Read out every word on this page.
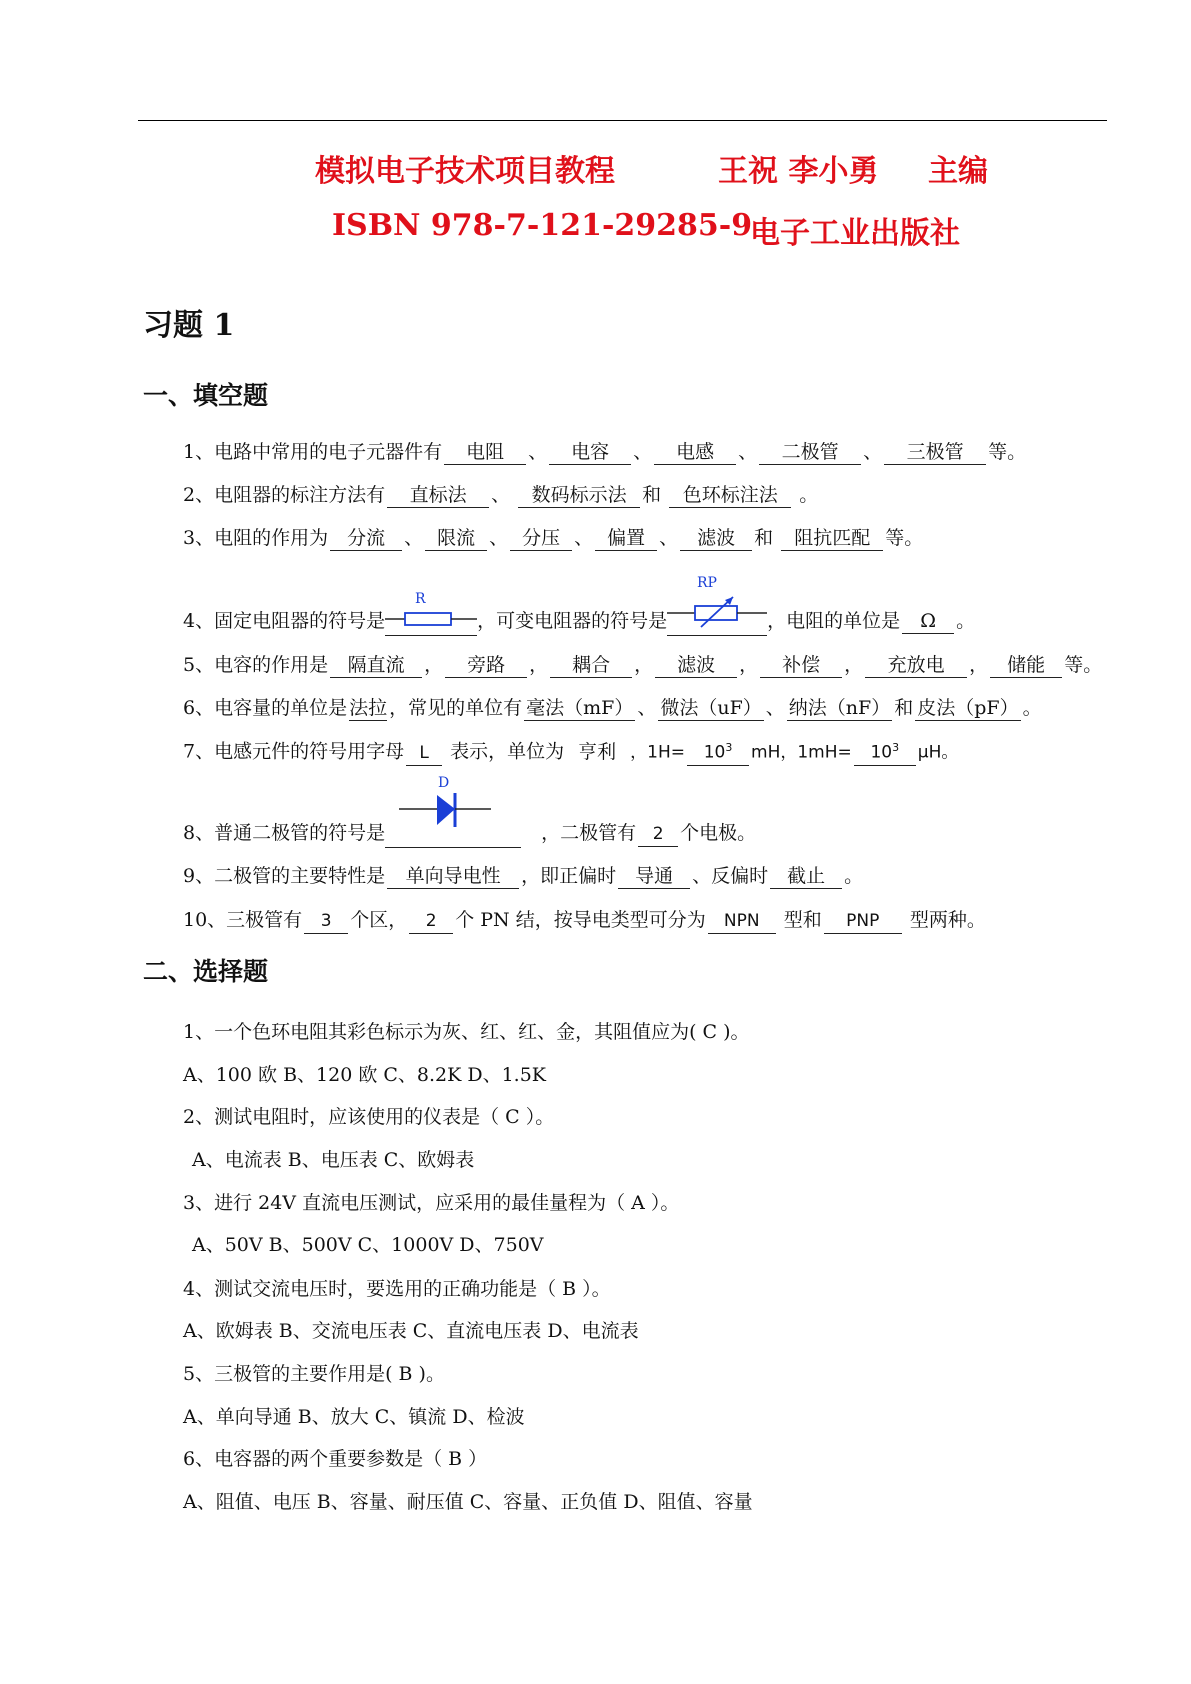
模拟电子技术项目教程	王祝 李小勇 主编
ISBN 978-7-121-29285-9
电子工业出版社
习题 1
一、填空题
1、电路中常用的电子元器件有 电阻 、 电容 、 电感 、 二极管 、 三极管 等。
2、电阻器的标注方法有 直标法 、 数码标示法 和 色环标注法 。
3、电阻的作用为 分流 、 限流 、 分压 、 偏置 、 滤波 和 阻抗匹配 等。
4、固定电阻器的符号是
R
，可变电阻器的符号是
RP
，电阻的单位是 Ω 。
5、电容的作用是 隔直流 ， 旁路 ， 耦合 ， 滤波 ， 补偿 ， 充放电 ， 储能 等。
6、电容量的单位是 法拉 ，常见的单位有 毫法（mF） 、 微法（uF） 、 纳法（nF） 和 皮法（pF） 。
7、电感元件的符号用字母 L 表示，单位为 亨利 ，$1H= 10^3$ mH，$1mH= 10^3$ μH。
8、普通二极管的符号是
D
，二极管有 2 个电极。
9、二极管的主要特性是 单向导电性 ，即正偏时 导通 、反偏时 截止 。
10、三极管有 3 个区， 2 个 PN 结，按导电类型可分为 NPN 型和 PNP 型两种。
二、选择题
1、一个色环电阻其彩色标示为灰、红、红、金，其阻值应为( C )。
A、100 欧 B、120 欧 C、8.2K D、1.5K
2、测试电阻时，应该使用的仪表是（ C ）。
A、电流表 B、电压表 C、欧姆表
3、进行 24V 直流电压测试，应采用的最佳量程为（ A ）。
A、50V B、500V C、1000V D、750V
4、测试交流电压时，要选用的正确功能是（ B ）。
A、欧姆表 B、交流电压表 C、直流电压表 D、电流表
5、三极管的主要作用是( B )。
A、单向导通 B、放大 C、镇流 D、检波
6、电容器的两个重要参数是（ B ）
A、阻值、电压 B、容量、耐压值 C、容量、正负值 D、阻值、容量
